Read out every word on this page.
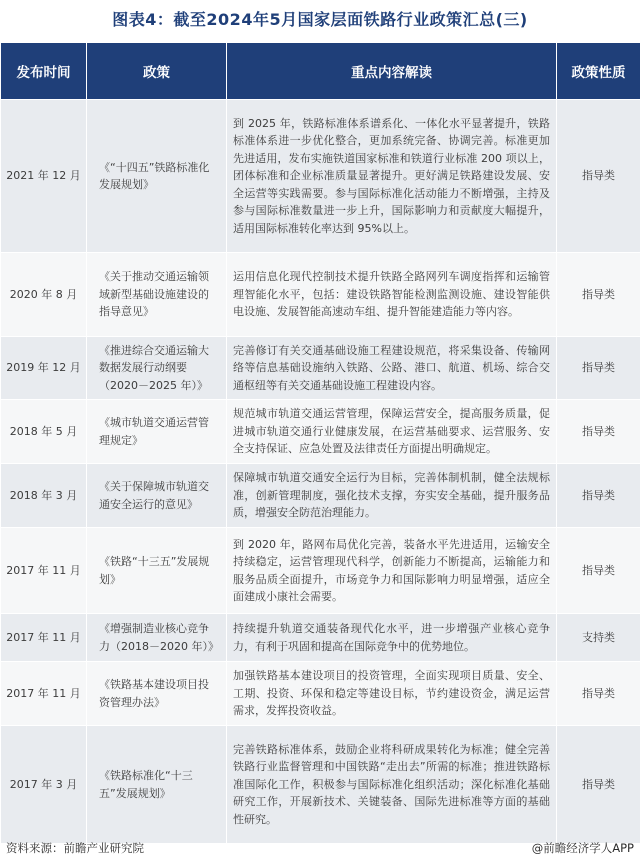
图表4：截至2024年5月国家层面铁路行业政策汇总(三)
发布时间	政策	重点内容解读	政策性质
2021 年 12 月	《“十四五”铁路标准化发展规划》	到 2025 年，铁路标准体系谱系化、一体化水平显著提升，铁路标准体系进一步优化整合，更加系统完备、协调完善。标准更加先进适用，发布实施铁道国家标准和铁道行业标准 200 项以上，团体标准和企业标准质量显著提升。更好满足铁路建设发展、安全运营等实践需要。参与国际标准化活动能力不断增强，主持及参与国际标准数量进一步上升，国际影响力和贡献度大幅提升，适用国际标准转化率达到 95%以上。	指导类
2020 年 8 月	《关于推动交通运输领域新型基础设施建设的指导意见》	运用信息化现代控制技术提升铁路全路网列车调度指挥和运输管理智能化水平，包括：建设铁路智能检测监测设施、建设智能供电设施、发展智能高速动车组、提升智能建造能力等内容。	指导类
2019 年 12 月	《推进综合交通运输大数据发展行动纲要（2020－2025 年）》	完善修订有关交通基础设施工程建设规范，将采集设备、传输网络等信息基础设施纳入铁路、公路、港口、航道、机场、综合交通枢纽等有关交通基础设施工程建设内容。	指导类
2018 年 5 月	《城市轨道交通运营管理规定》	规范城市轨道交通运营管理，保障运营安全，提高服务质量，促进城市轨道交通行业健康发展，在运营基础要求、运营服务、安全支持保证、应急处置及法律责任方面提出明确规定。	指导类
2018 年 3 月	《关于保障城市轨道交通安全运行的意见》	保障城市轨道交通安全运行为目标，完善体制机制，健全法规标准，创新管理制度，强化技术支撑，夯实安全基础，提升服务品质，增强安全防范治理能力。	指导类
2017 年 11 月	《铁路“十三五”发展规划》	到 2020 年，路网布局优化完善，装备水平先进适用，运输安全持续稳定，运营管理现代科学，创新能力不断提高，运输能力和服务品质全面提升，市场竞争力和国际影响力明显增强，适应全面建成小康社会需要。	指导类
2017 年 11 月	《增强制造业核心竞争力（2018－2020 年）》	持续提升轨道交通装备现代化水平，进一步增强产业核心竞争力，有利于巩固和提高在国际竞争中的优势地位。	支持类
2017 年 11 月	《铁路基本建设项目投资管理办法》	加强铁路基本建设项目的投资管理，全面实现项目质量、安全、工期、投资、环保和稳定等建设目标，节约建设资金，满足运营需求，发挥投资收益。	指导类
2017 年 3 月	《铁路标准化“十三五”发展规划》	完善铁路标准体系，鼓励企业将科研成果转化为标准；健全完善铁路行业监督管理和中国铁路“走出去”所需的标准；推进铁路标准国际化工作，积极参与国际标准化组织活动；深化标准化基础研究工作，开展新技术、关键装备、国际先进标准等方面的基础性研究。	指导类
资料来源：前瞻产业研究院	@前瞻经济学人APP
